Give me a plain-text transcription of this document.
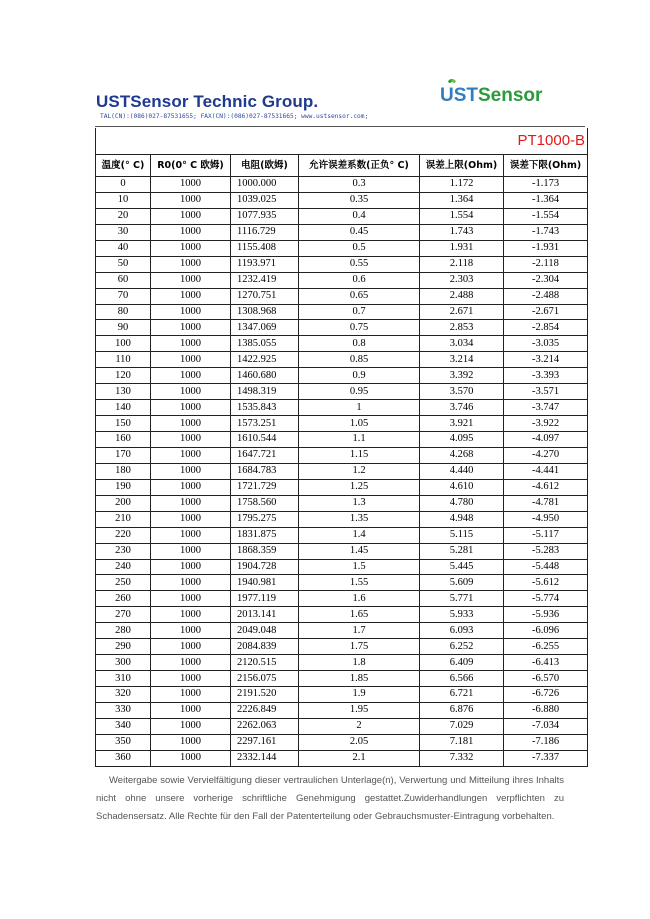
USTSensor Technic Group.
TAL(CN):(086)027-87531655; FAX(CN):(086)027-87531665; www.ustsensor.com;
USTSensor
PT1000-B					
温度(° C)	R0(0° C 欧姆)	电阻(欧姆)	允许误差系数(正负° C)	误差上限(Ohm)	误差下限(Ohm)
0	1000	1000.000	0.3	1.172	-1.173
10	1000	1039.025	0.35	1.364	-1.364
20	1000	1077.935	0.4	1.554	-1.554
30	1000	1116.729	0.45	1.743	-1.743
40	1000	1155.408	0.5	1.931	-1.931
50	1000	1193.971	0.55	2.118	-2.118
60	1000	1232.419	0.6	2.303	-2.304
70	1000	1270.751	0.65	2.488	-2.488
80	1000	1308.968	0.7	2.671	-2.671
90	1000	1347.069	0.75	2.853	-2.854
100	1000	1385.055	0.8	3.034	-3.035
110	1000	1422.925	0.85	3.214	-3.214
120	1000	1460.680	0.9	3.392	-3.393
130	1000	1498.319	0.95	3.570	-3.571
140	1000	1535.843	1	3.746	-3.747
150	1000	1573.251	1.05	3.921	-3.922
160	1000	1610.544	1.1	4.095	-4.097
170	1000	1647.721	1.15	4.268	-4.270
180	1000	1684.783	1.2	4.440	-4.441
190	1000	1721.729	1.25	4.610	-4.612
200	1000	1758.560	1.3	4.780	-4.781
210	1000	1795.275	1.35	4.948	-4.950
220	1000	1831.875	1.4	5.115	-5.117
230	1000	1868.359	1.45	5.281	-5.283
240	1000	1904.728	1.5	5.445	-5.448
250	1000	1940.981	1.55	5.609	-5.612
260	1000	1977.119	1.6	5.771	-5.774
270	1000	2013.141	1.65	5.933	-5.936
280	1000	2049.048	1.7	6.093	-6.096
290	1000	2084.839	1.75	6.252	-6.255
300	1000	2120.515	1.8	6.409	-6.413
310	1000	2156.075	1.85	6.566	-6.570
320	1000	2191.520	1.9	6.721	-6.726
330	1000	2226.849	1.95	6.876	-6.880
340	1000	2262.063	2	7.029	-7.034
350	1000	2297.161	2.05	7.181	-7.186
360	1000	2332.144	2.1	7.332	-7.337

Weitergabe sowie Vervielfältigung dieser vertraulichen Unterlage(n), Verwertung und Mitteilung ihres Inhalts nicht ohne unsere vorherige schriftliche Genehmigung gestattet.Zuwiderhandlungen verpflichten zu Schadensersatz. Alle Rechte für den Fall der Patenterteilung oder Gebrauchsmuster-Eintragung vorbehalten.
